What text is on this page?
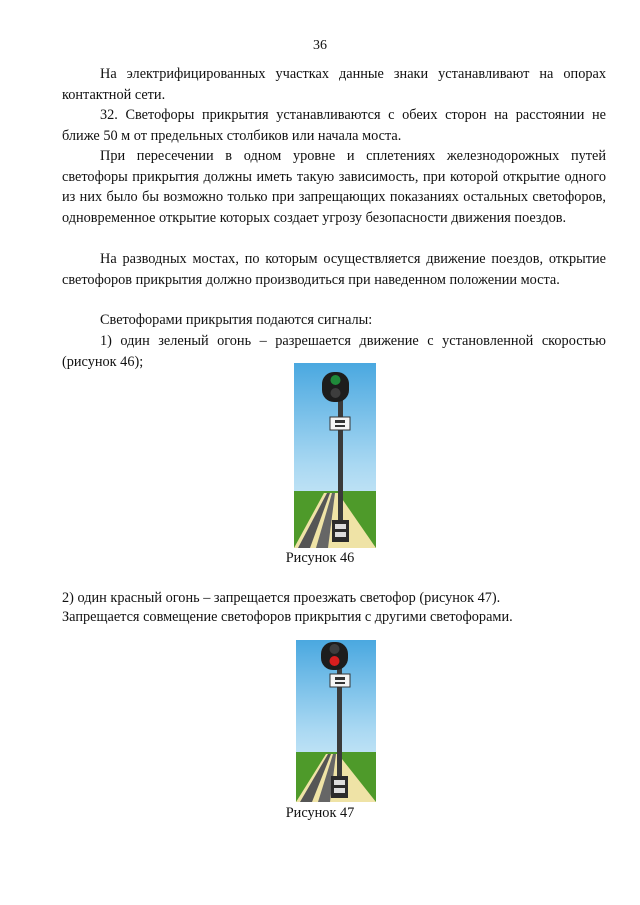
36

На электрифицированных участках данные знаки устанавливают на опорах контактной сети.

32. Светофоры прикрытия устанавливаются с обеих сторон на расстоянии не ближе 50 м от предельных столбиков или начала моста.

При пересечении в одном уровне и сплетениях железнодорожных путей светофоры прикрытия должны иметь такую зависимость, при которой открытие одного из них было бы возможно только при запрещающих показаниях остальных светофоров, одновременное открытие которых создает угрозу безопасности движения поездов.

На разводных мостах, по которым осуществляется движение поездов, открытие светофоров прикрытия должно производиться при наведенном положении моста.

Светофорами прикрытия подаются сигналы:

1) один зеленый огонь – разрешается движение с установленной скоростью (рисунок 46);

Рисунок 46
2) один красный огонь – запрещается проезжать светофор (рисунок 47).
Запрещается совмещение светофоров прикрытия с другими светофорами.
Рисунок 47
